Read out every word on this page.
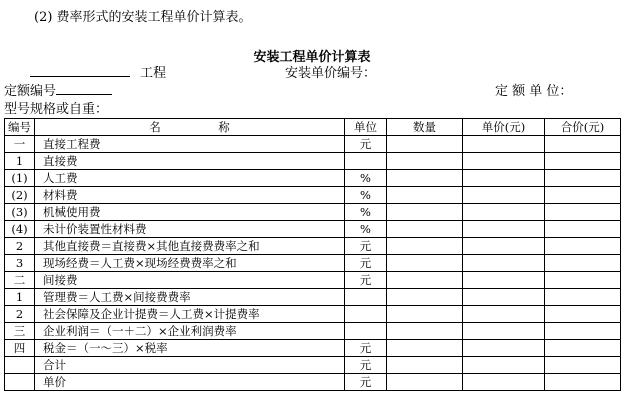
(2) 费率形式的安装工程单价计算表。
安装工程单价计算表
工程	安装单价编号：
定额编号	定 额 单 位：
型号规格或自重：
编号	名　　　　　称	单位	数量	单价(元)	合价(元)
一	直接工程费	元			
1	直接费				
(1)	人工费	%			
(2)	材料费	%			
(3)	机械使用费	%			
(4)	未计价装置性材料费	%			
2	其他直接费＝直接费×其他直接费费率之和	元			
3	现场经费＝人工费×现场经费费率之和	元			
二	间接费	元			
1	管理费＝人工费×间接费费率				
2	社会保障及企业计提费＝人工费×计提费率				
三	企业利润＝（一＋二）×企业利润费率				
四	税金＝（一～三）×税率	元			
	合计	元			
	单价	元			
